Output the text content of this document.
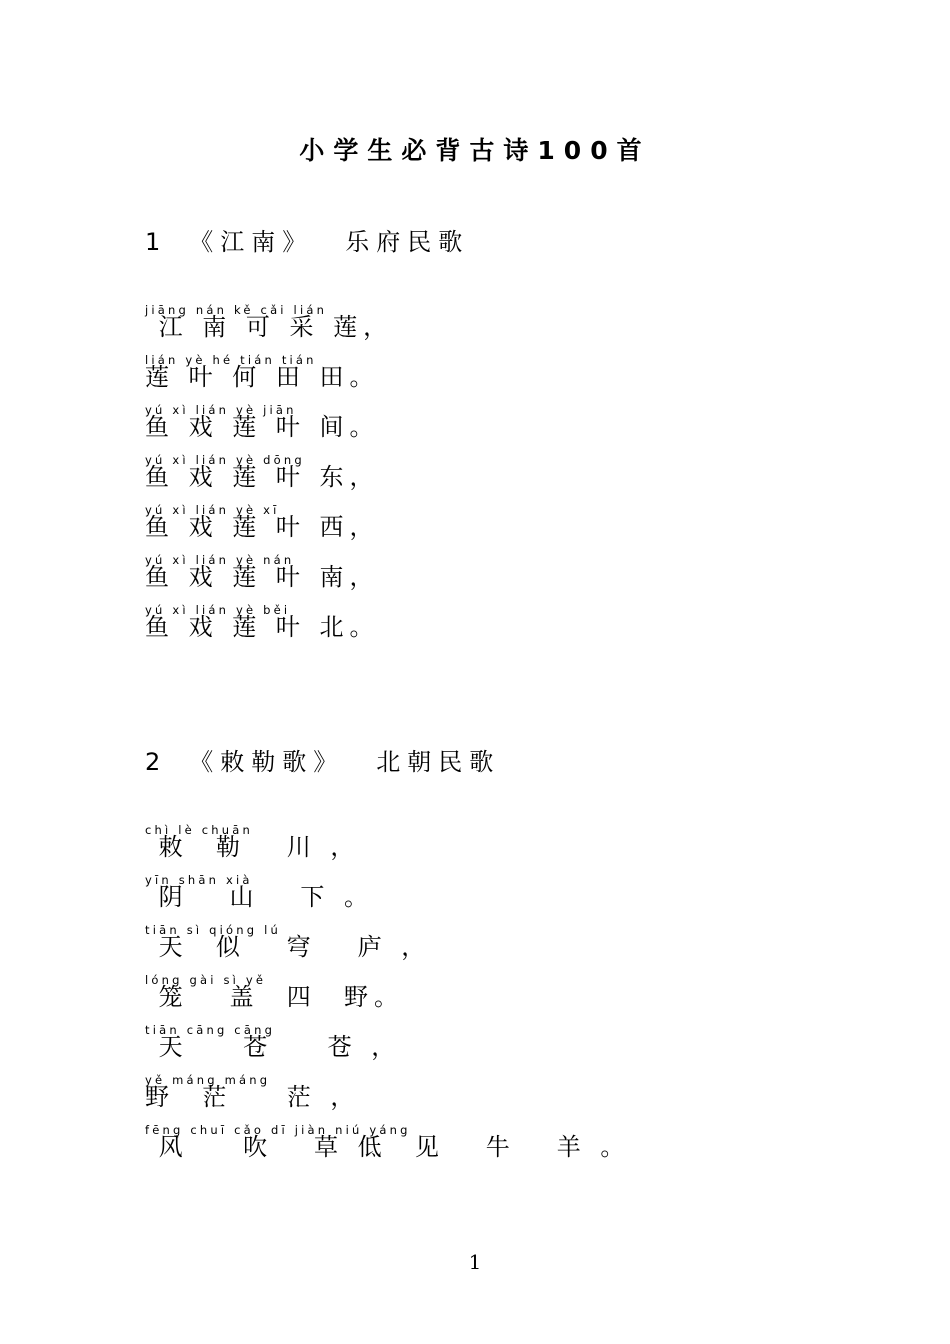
小学生必背古诗100首
1 《江南》 乐府民歌
jiāng nán kě cǎi lián
江 南 可 采 莲，
lián yè hé tián tián
莲 叶 何 田 田。
yú xì lián yè jiān
鱼 戏 莲 叶 间。
yú xì lián yè dōng
鱼 戏 莲 叶 东，
yú xì lián yè xī
鱼 戏 莲 叶 西，
yú xì lián yè nán
鱼 戏 莲 叶 南，
yú xì lián yè běi
鱼 戏 莲 叶 北。
2 《敕勒歌》 北朝民歌
chì lè chuān
敕  勒   川 ，
yīn shān xià
阴   山   下 。
tiān sì qióng lú
天  似   穹   庐 ，
lóng gài sì yě
笼   盖  四  野。
tiān cāng cāng
天    苍    苍 ，
yě máng máng
野  茫    茫 ，
fēng chuī cǎo dī jiàn niú yáng
风    吹   草 低  见   牛   羊 。
1
